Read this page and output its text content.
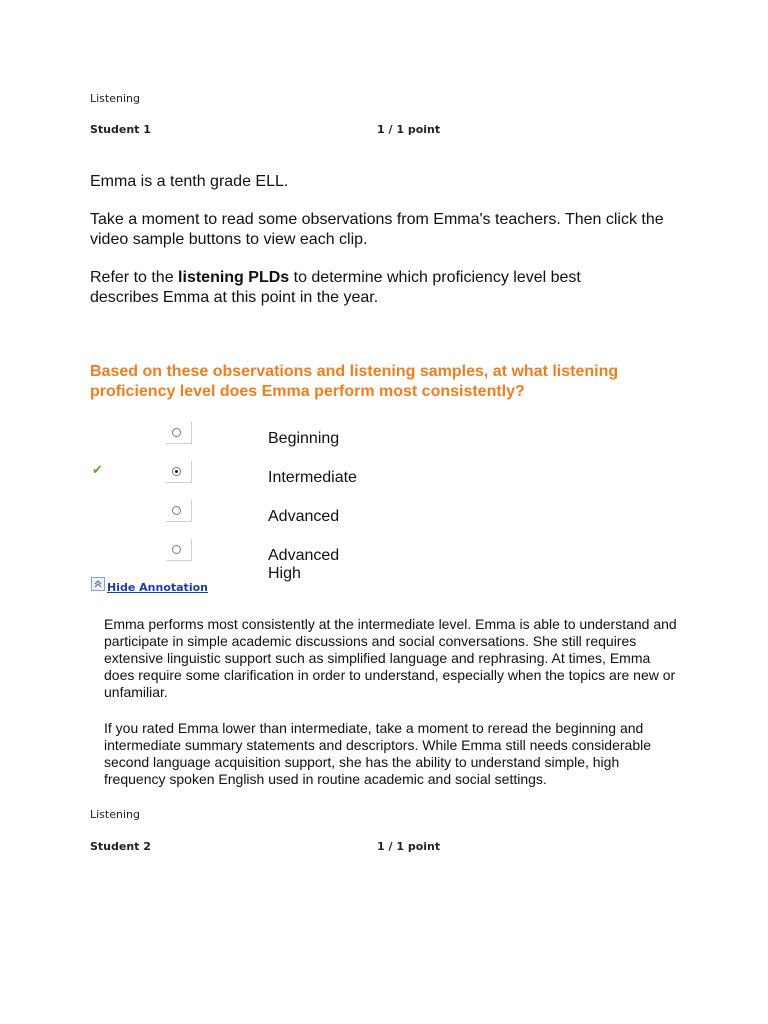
Listening
Student 1	1 / 1 point
Emma is a tenth grade ELL.
Take a moment to read some observations from Emma's teachers. Then click the video sample buttons to view each clip.
Refer to the listening PLDs to determine which proficiency level best describes Emma at this point in the year.
Based on these observations and listening samples, at what listening proficiency level does Emma perform most consistently?
✔
Beginning
Intermediate
Advanced
Advanced High
Hide Annotation
Emma performs most consistently at the intermediate level. Emma is able to understand and participate in simple academic discussions and social conversations. She still requires extensive linguistic support such as simplified language and rephrasing. At times, Emma does require some clarification in order to understand, especially when the topics are new or unfamiliar.
If you rated Emma lower than intermediate, take a moment to reread the beginning and intermediate summary statements and descriptors. While Emma still needs considerable second language acquisition support, she has the ability to understand simple, high frequency spoken English used in routine academic and social settings.
Listening
Student 2	1 / 1 point
